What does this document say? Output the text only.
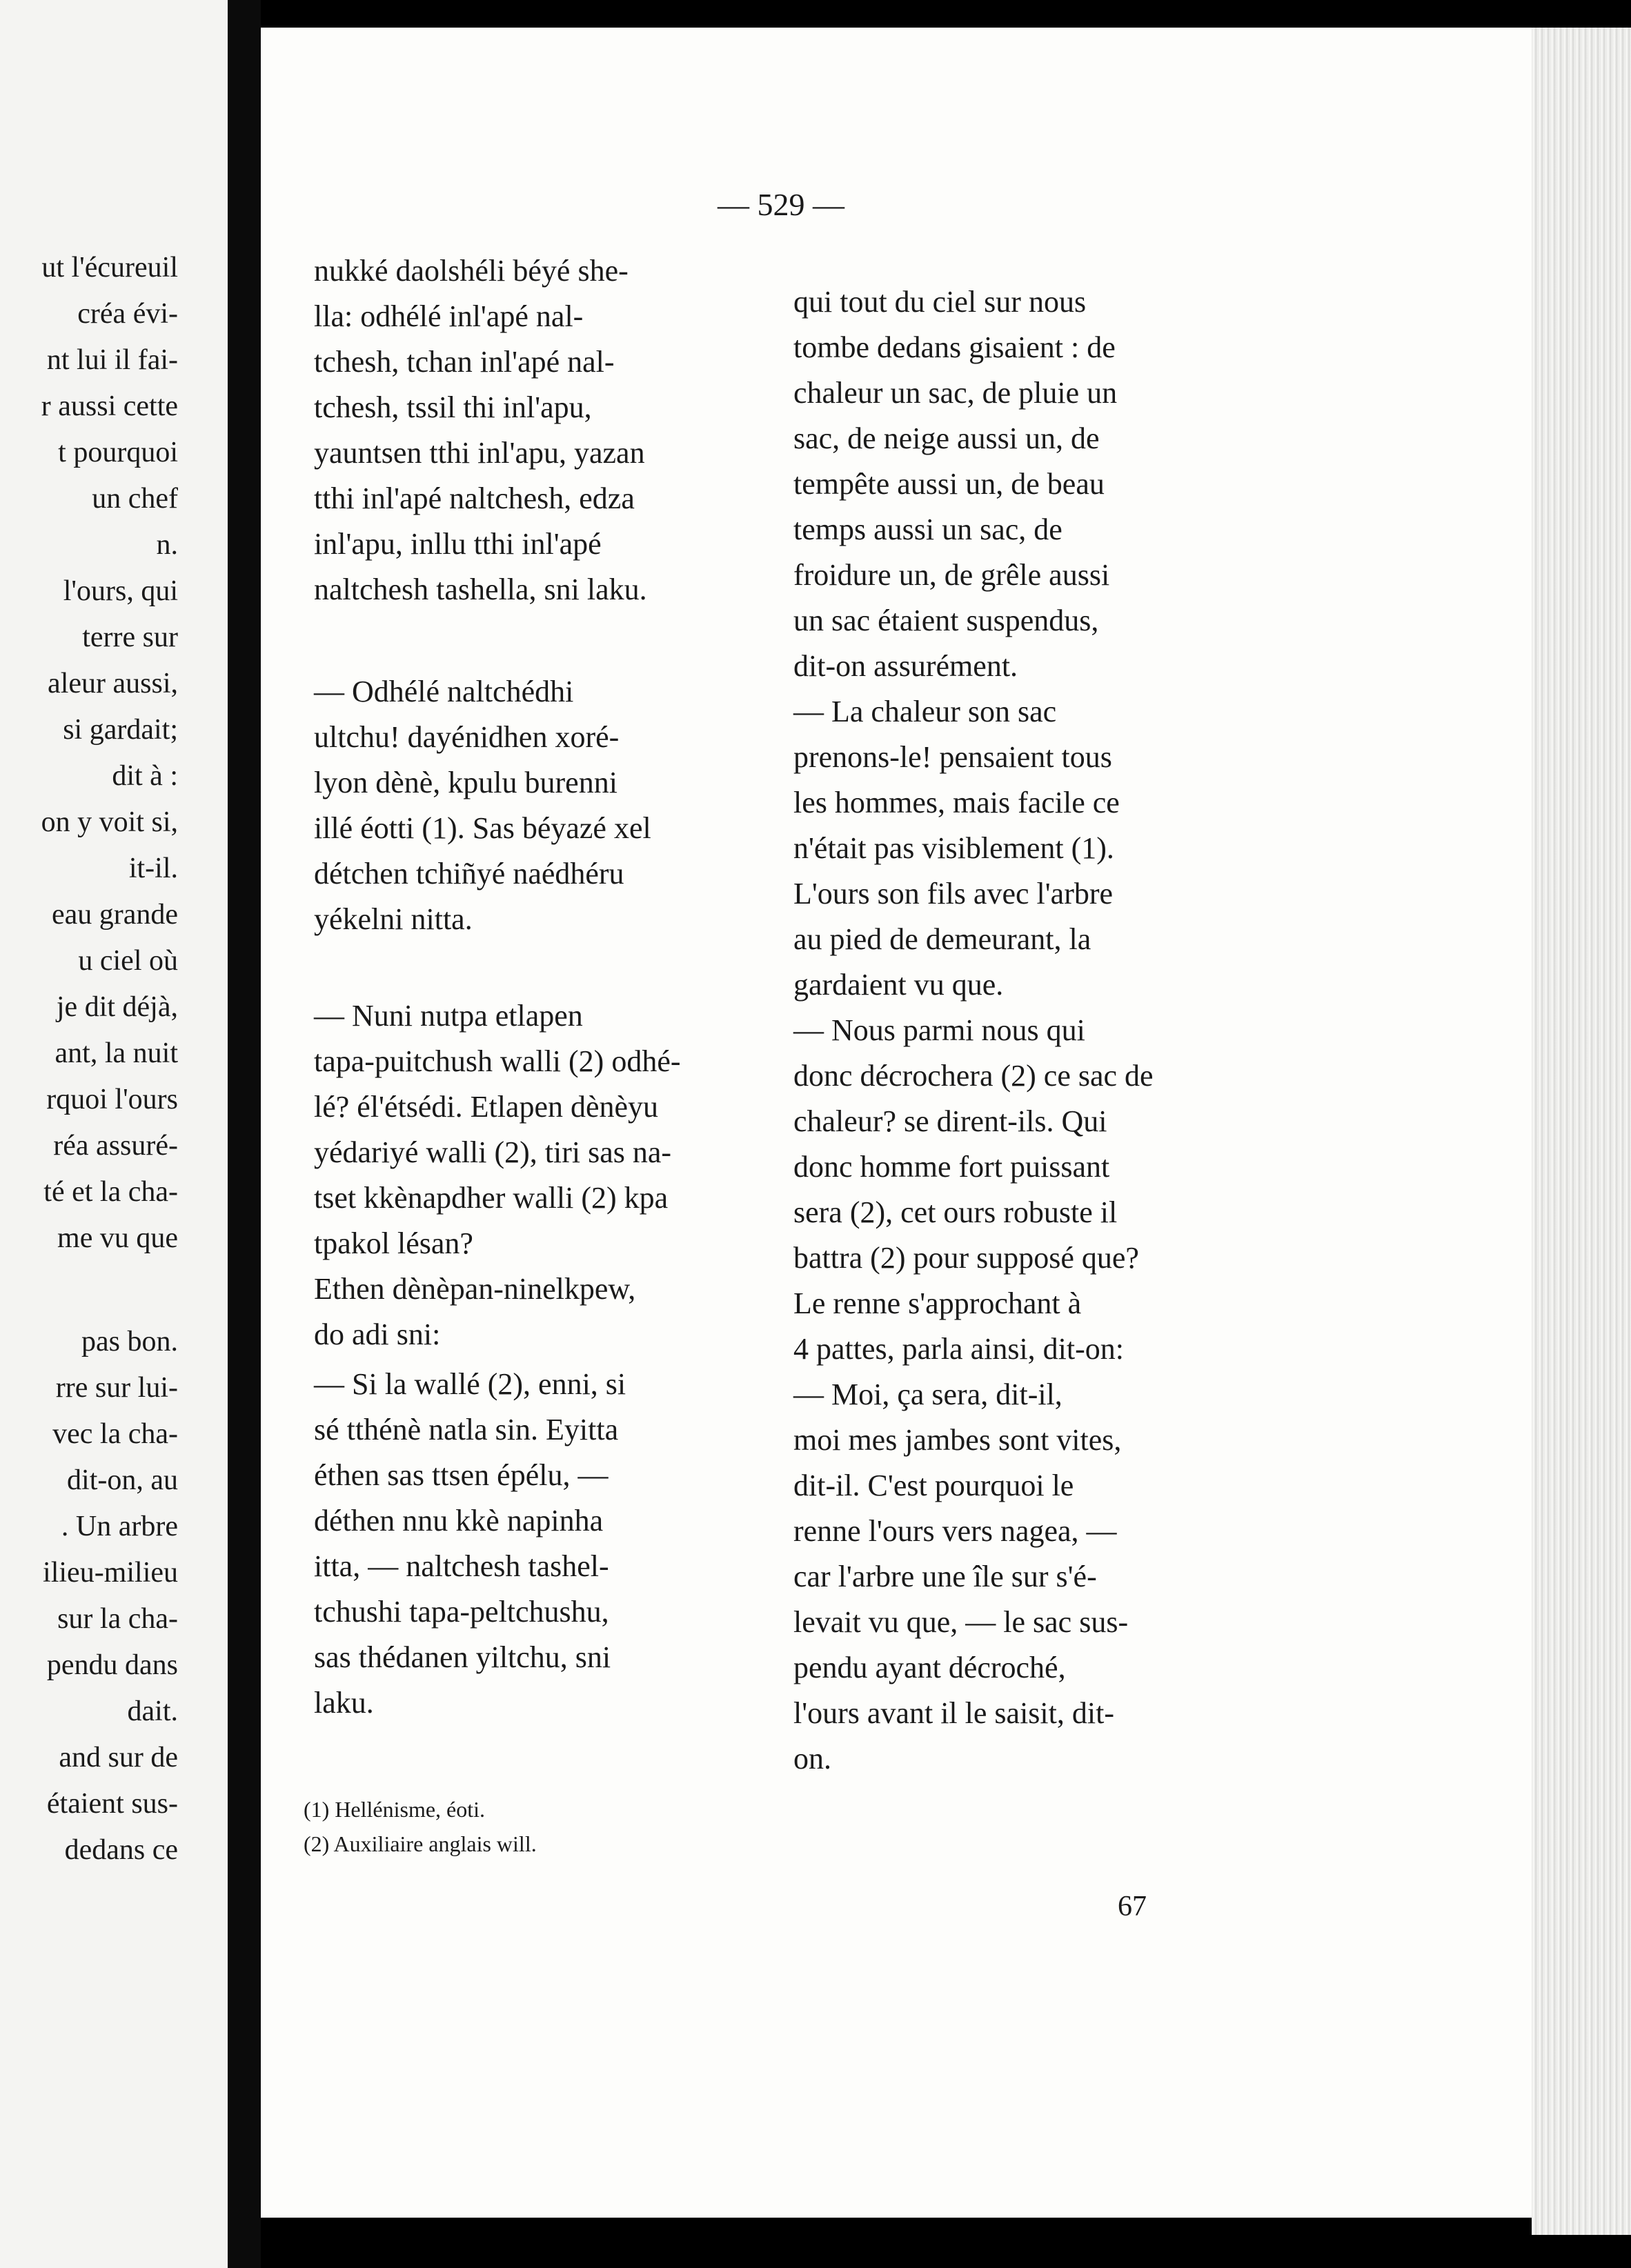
ut l'écureuil
créa évi-
nt lui il fai-
r aussi cette
t pourquoi
un chef
n.
l'ours, qui
terre sur
aleur aussi,
si gardait;
dit à :
on y voit si,
it-il.
eau grande
u ciel où
je dit déjà,
ant, la nuit
rquoi l'ours
réa assuré-
té et la cha-
me vu que
pas bon.
rre sur lui-
vec la cha-
dit-on, au
. Un arbre
ilieu-milieu
sur la cha-
pendu dans
dait.
and sur de
étaient sus-
dedans ce
— 529 —
nukké daolshéli béyé she-
lla: odhélé inl'apé nal-
tchesh, tchan inl'apé nal-
tchesh, tssil thi inl'apu,
yauntsen tthi inl'apu, yazan
tthi inl'apé naltchesh, edza
inl'apu, inllu tthi inl'apé
naltchesh tashella, sni laku.
— Odhélé naltchédhi
ultchu! dayénidhen xoré-
lyon dènè, kpulu burenni
illé éotti (1). Sas béyazé xel
détchen tchiñyé naédhéru
yékelni nitta.
— Nuni nutpa etlapen
tapa-puitchush walli (2) odhé-
lé? él'étsédi. Etlapen dènèyu
yédariyé walli (2), tiri sas na-
tset kkènapdher walli (2) kpa
tpakol lésan?
Ethen dènèpan-ninelkpew,
do adi sni:
— Si la wallé (2), enni, si
sé tthénè natla sin. Eyitta
éthen sas ttsen épélu, —
déthen nnu kkè napinha
itta, — naltchesh tashel-
tchushi tapa-peltchushu,
sas thédanen yiltchu, sni
laku.
qui tout du ciel sur nous
tombe dedans gisaient : de
chaleur un sac, de pluie un
sac, de neige aussi un, de
tempête aussi un, de beau
temps aussi un sac, de
froidure un, de grêle aussi
un sac étaient suspendus,
dit-on assurément.
— La chaleur son sac
prenons-le! pensaient tous
les hommes, mais facile ce
n'était pas visiblement (1).
L'ours son fils avec l'arbre
au pied de demeurant, la
gardaient vu que.
— Nous parmi nous qui
donc décrochera (2) ce sac de
chaleur? se dirent-ils. Qui
donc homme fort puissant
sera (2), cet ours robuste il
battra (2) pour supposé que?
Le renne s'approchant à
4 pattes, parla ainsi, dit-on:
— Moi, ça sera, dit-il,
moi mes jambes sont vites,
dit-il. C'est pourquoi le
renne l'ours vers nagea, —
car l'arbre une île sur s'é-
levait vu que, — le sac sus-
pendu ayant décroché,
l'ours avant il le saisit, dit-
on.
(1) Hellénisme, éoti.
(2) Auxiliaire anglais will.
67
